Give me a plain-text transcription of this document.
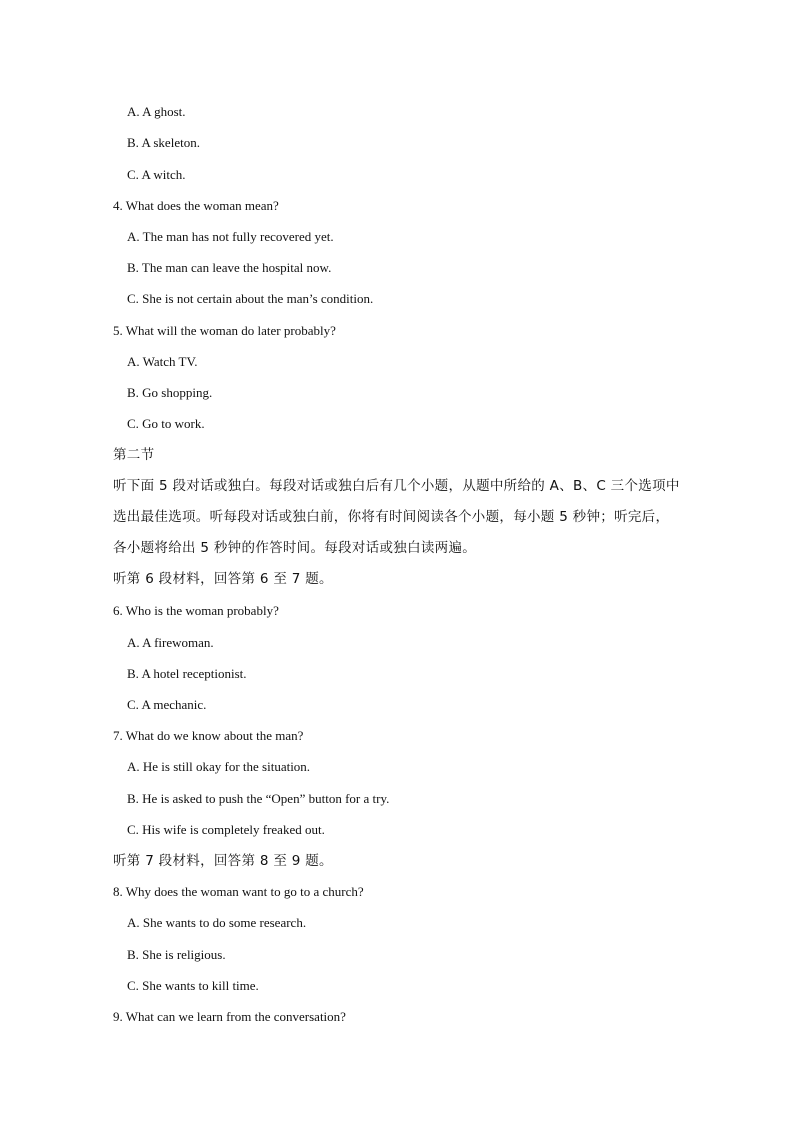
A. A ghost.
B. A skeleton.
C. A witch.
4. What does the woman mean?
A. The man has not fully recovered yet.
B. The man can leave the hospital now.
C. She is not certain about the man’s condition.
5. What will the woman do later probably?
A. Watch TV.
B. Go shopping.
C. Go to work.
第二节
听下面 5 段对话或独白。每段对话或独白后有几个小题，从题中所给的 A、B、C 三个选项中
选出最佳选项。听每段对话或独白前，你将有时间阅读各个小题，每小题 5 秒钟；听完后，
各小题将给出 5 秒钟的作答时间。每段对话或独白读两遍。
听第 6 段材料，回答第 6 至 7 题。
6. Who is the woman probably?
A. A firewoman.
B. A hotel receptionist.
C. A mechanic.
7. What do we know about the man?
A. He is still okay for the situation.
B. He is asked to push the “Open” button for a try.
C. His wife is completely freaked out.
听第 7 段材料，回答第 8 至 9 题。
8. Why does the woman want to go to a church?
A. She wants to do some research.
B. She is religious.
C. She wants to kill time.
9. What can we learn from the conversation?
